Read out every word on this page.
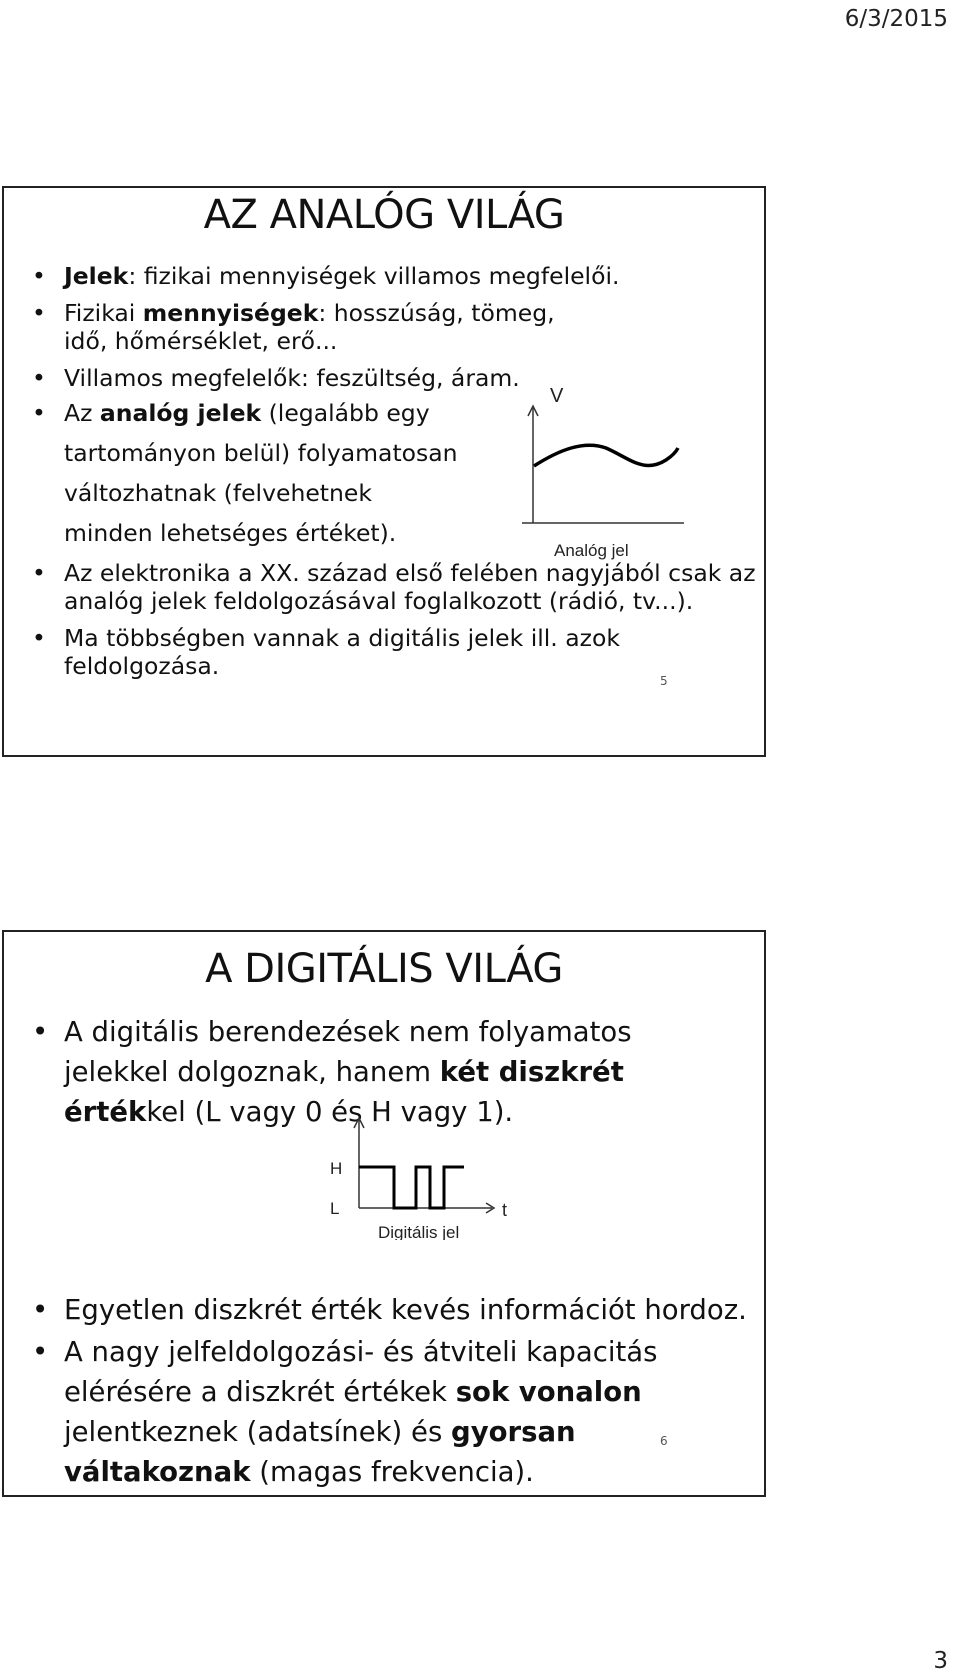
6/3/2015
AZ ANALÓG VILÁG
• Jelek: fizikai mennyiségek villamos megfelelői.
• Fizikai mennyiségek: hosszúság, tömeg, idő, hőmérséklet, erő...
• Villamos megfelelők: feszültség, áram.
• Az analóg jelek (legalább egy tartományon belül) folyamatosan változhatnak (felvehetnek minden lehetséges értéket).
• Az elektronika a XX. század első felében nagyjából csak az analóg jelek feldolgozásával foglalkozott (rádió, tv...).
• Ma többségben vannak a digitális jelek ill. azok feldolgozása.
V
Analóg jel
5
A DIGITÁLIS VILÁG
• A digitális berendezések nem folyamatos jelekkel dolgoznak, hanem két diszkrét értékkel (L vagy 0 és H vagy 1).
• Egyetlen diszkrét érték kevés információt hordoz.
• A nagy jelfeldolgozási- és átviteli kapacitás elérésére a diszkrét értékek sok vonalon jelentkeznek (adatsínek) és gyorsan váltakoznak (magas frekvencia).
H
L	t
Digitális jel
6
3
